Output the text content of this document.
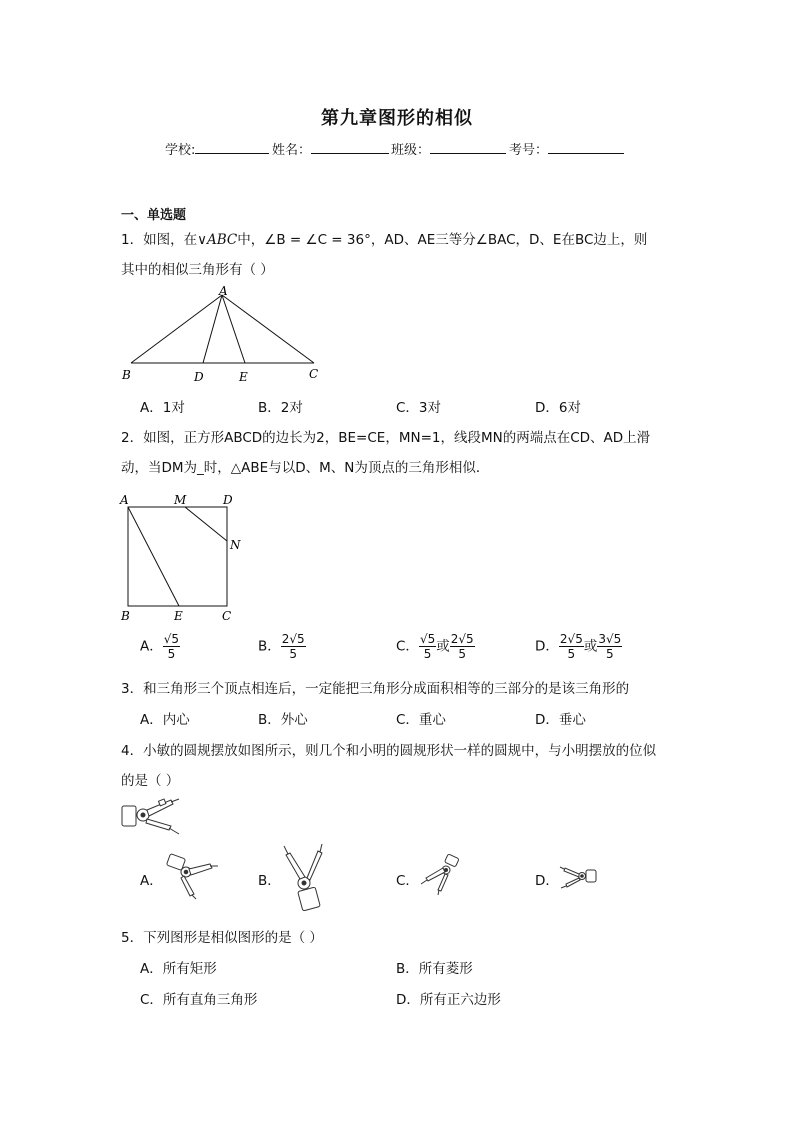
第九章图形的相似
学校:	姓名：	班级：	考号：
一、单选题
1．如图，在∨ABC中，∠B = ∠C = 36°，AD、AE三等分∠BAC，D、E在BC边上，则
其中的相似三角形有（ ）
A
B	D	E	C
A．1对	B．2对	C．3对	D．6对
2．如图，正方形ABCD的边长为2，BE=CE，MN=1，线段MN的两端点在CD、AD上滑
动，当DM为_时，△ABE与以D、M、N为顶点的三角形相似．
A	M	D
N
B	E	C
A． $\frac{√5}{5}$	B． $\frac{2√5}{5}$	C． $\frac{√5}{5}$ 或 $\frac{2√5}{5}$	D． $\frac{2√5}{5}$ 或 $\frac{3√5}{5}$
3．和三角形三个顶点相连后，一定能把三角形分成面积相等的三部分的是该三角形的
A．内心	B．外心	C．重心	D．垂心
4．小敏的圆规摆放如图所示，则几个和小明的圆规形状一样的圆规中，与小明摆放的位似
的是（ ）
A．	B．	C．	D．
5．下列图形是相似图形的是（ ）
A．所有矩形	B．所有菱形
C．所有直角三角形	D．所有正六边形
